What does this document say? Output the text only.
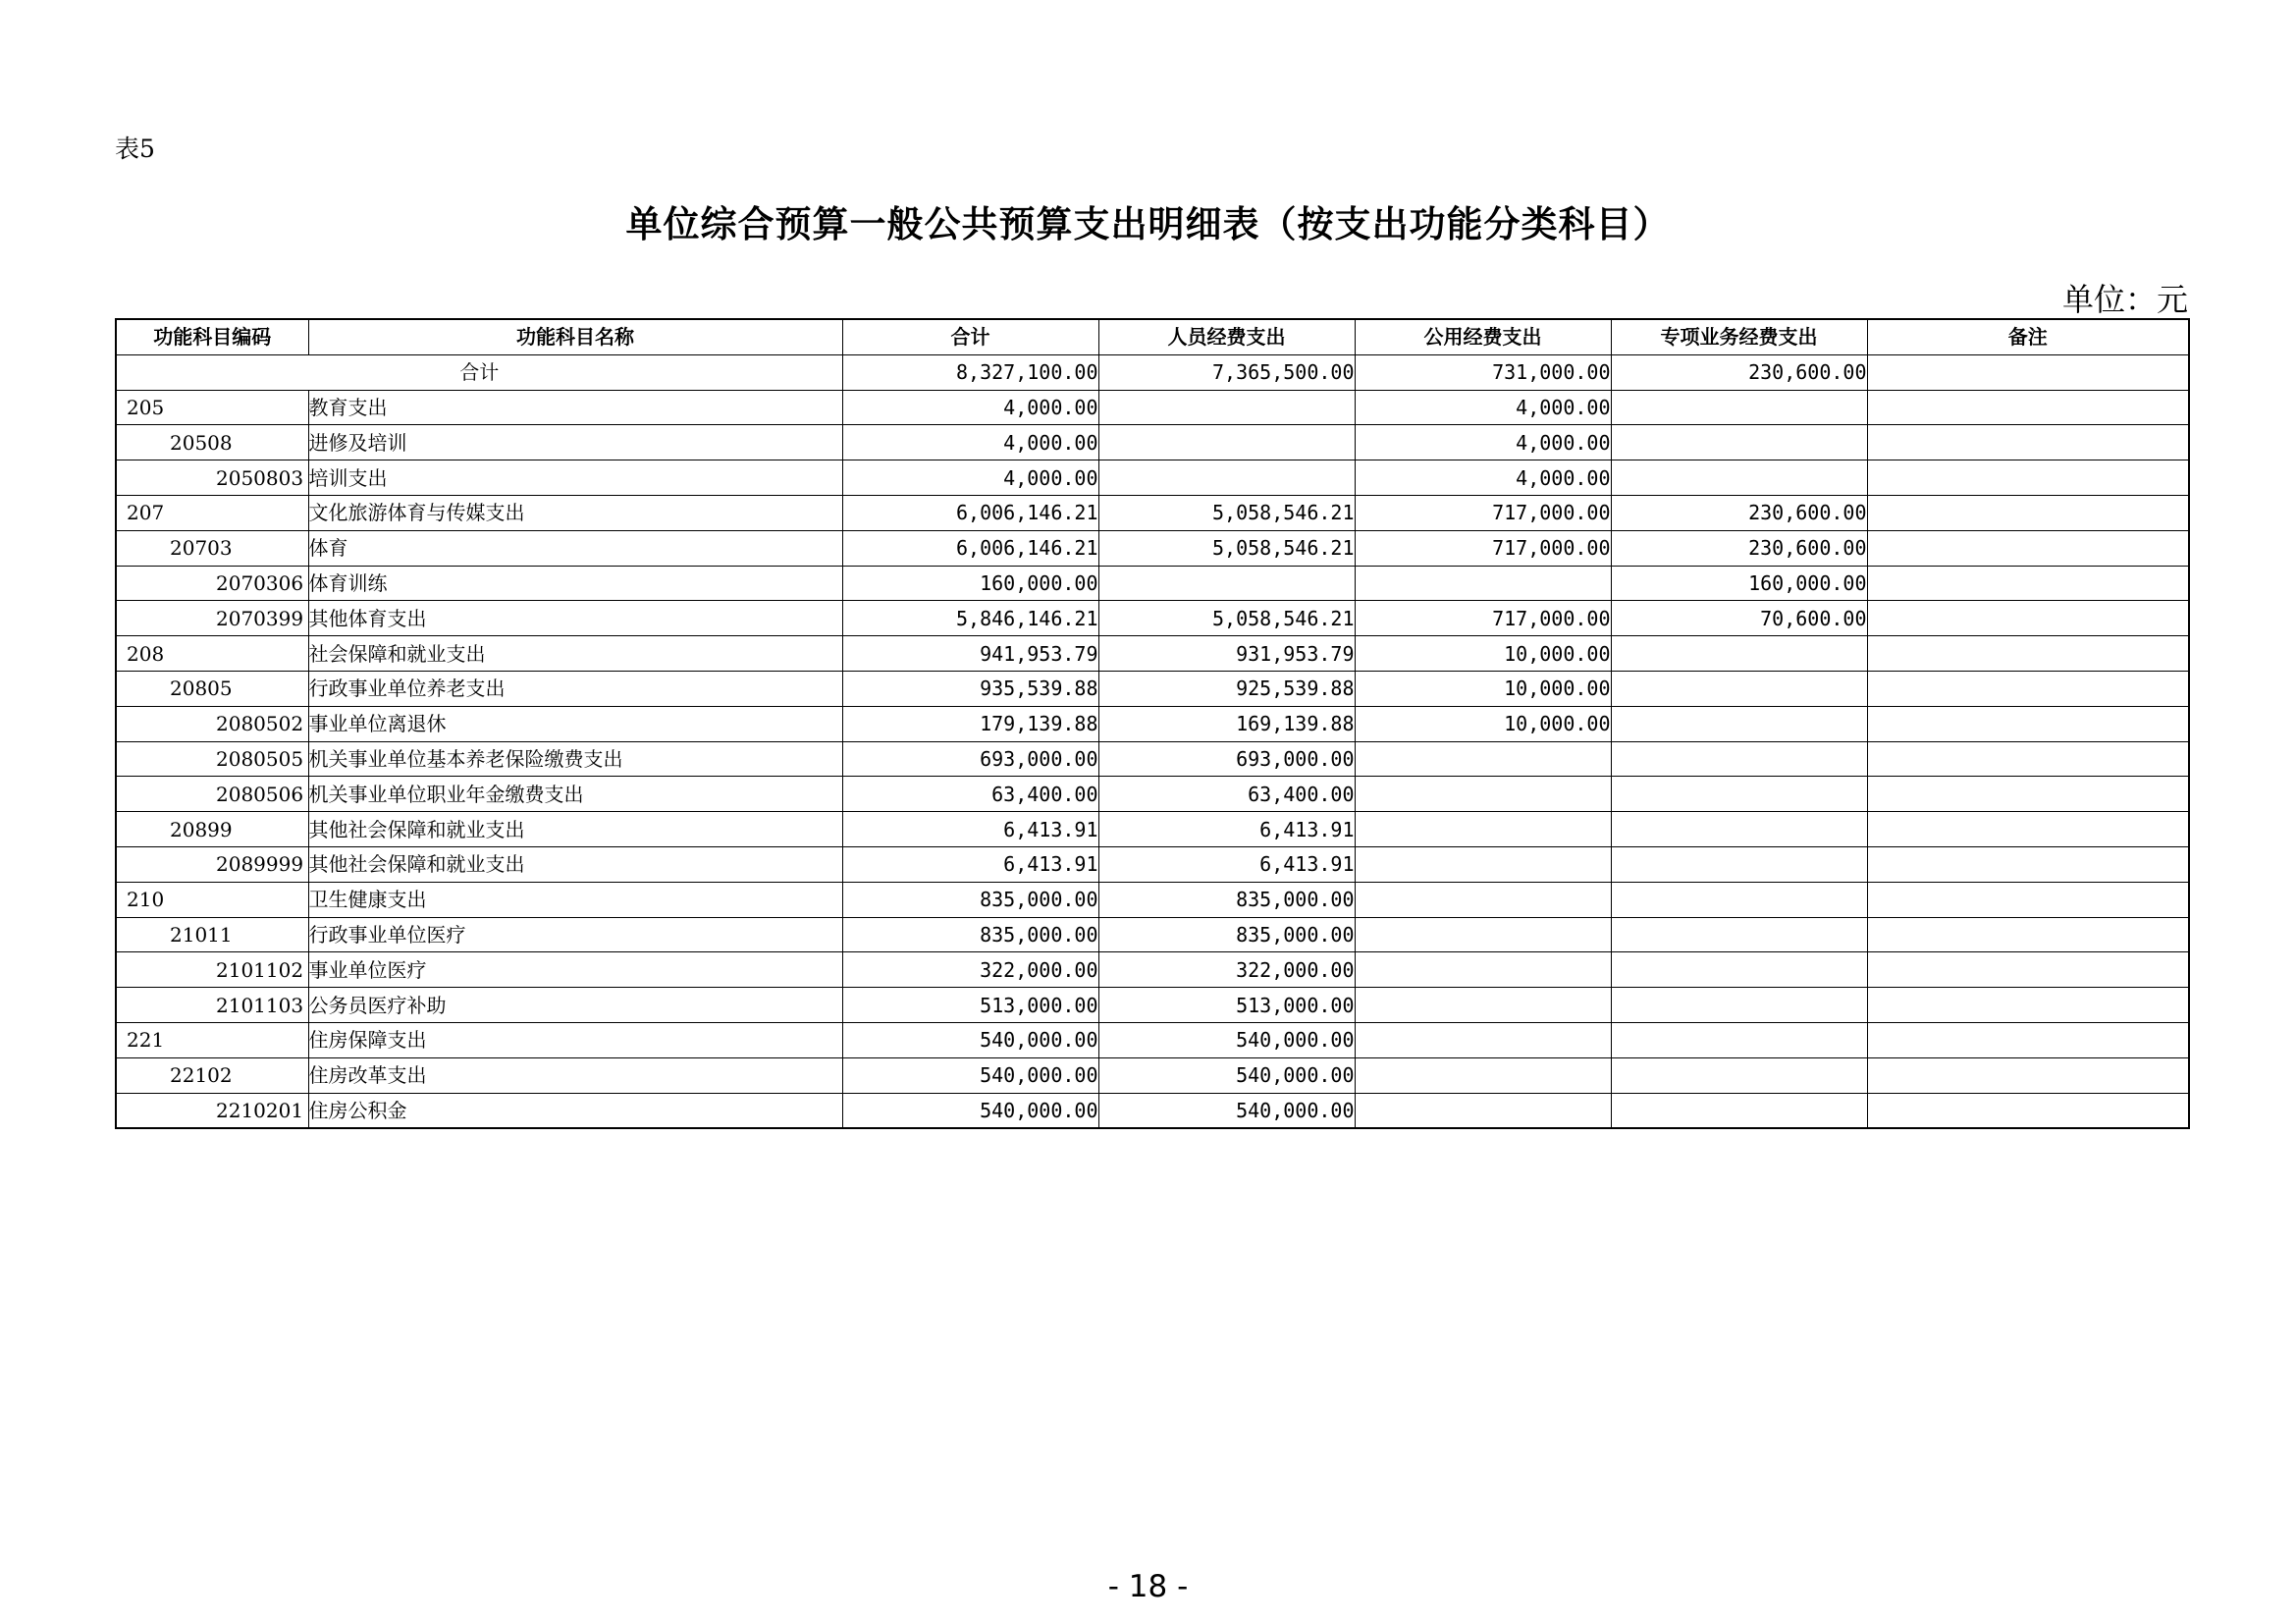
表5
单位综合预算一般公共预算支出明细表（按支出功能分类科目）
单位：元
功能科目编码	功能科目名称	合计	人员经费支出	公用经费支出	专项业务经费支出	备注
合计		8,327,100.00	7,365,500.00	731,000.00	230,600.00	
205	教育支出	4,000.00		4,000.00		
20508	进修及培训	4,000.00		4,000.00		
2050803	培训支出	4,000.00		4,000.00		
207	文化旅游体育与传媒支出	6,006,146.21	5,058,546.21	717,000.00	230,600.00	
20703	体育	6,006,146.21	5,058,546.21	717,000.00	230,600.00	
2070306	体育训练	160,000.00			160,000.00	
2070399	其他体育支出	5,846,146.21	5,058,546.21	717,000.00	70,600.00	
208	社会保障和就业支出	941,953.79	931,953.79	10,000.00		
20805	行政事业单位养老支出	935,539.88	925,539.88	10,000.00		
2080502	事业单位离退休	179,139.88	169,139.88	10,000.00		
2080505	机关事业单位基本养老保险缴费支出	693,000.00	693,000.00			
2080506	机关事业单位职业年金缴费支出	63,400.00	63,400.00			
20899	其他社会保障和就业支出	6,413.91	6,413.91			
2089999	其他社会保障和就业支出	6,413.91	6,413.91			
210	卫生健康支出	835,000.00	835,000.00			
21011	行政事业单位医疗	835,000.00	835,000.00			
2101102	事业单位医疗	322,000.00	322,000.00			
2101103	公务员医疗补助	513,000.00	513,000.00			
221	住房保障支出	540,000.00	540,000.00			
22102	住房改革支出	540,000.00	540,000.00			
2210201	住房公积金	540,000.00	540,000.00			
- 18 -
